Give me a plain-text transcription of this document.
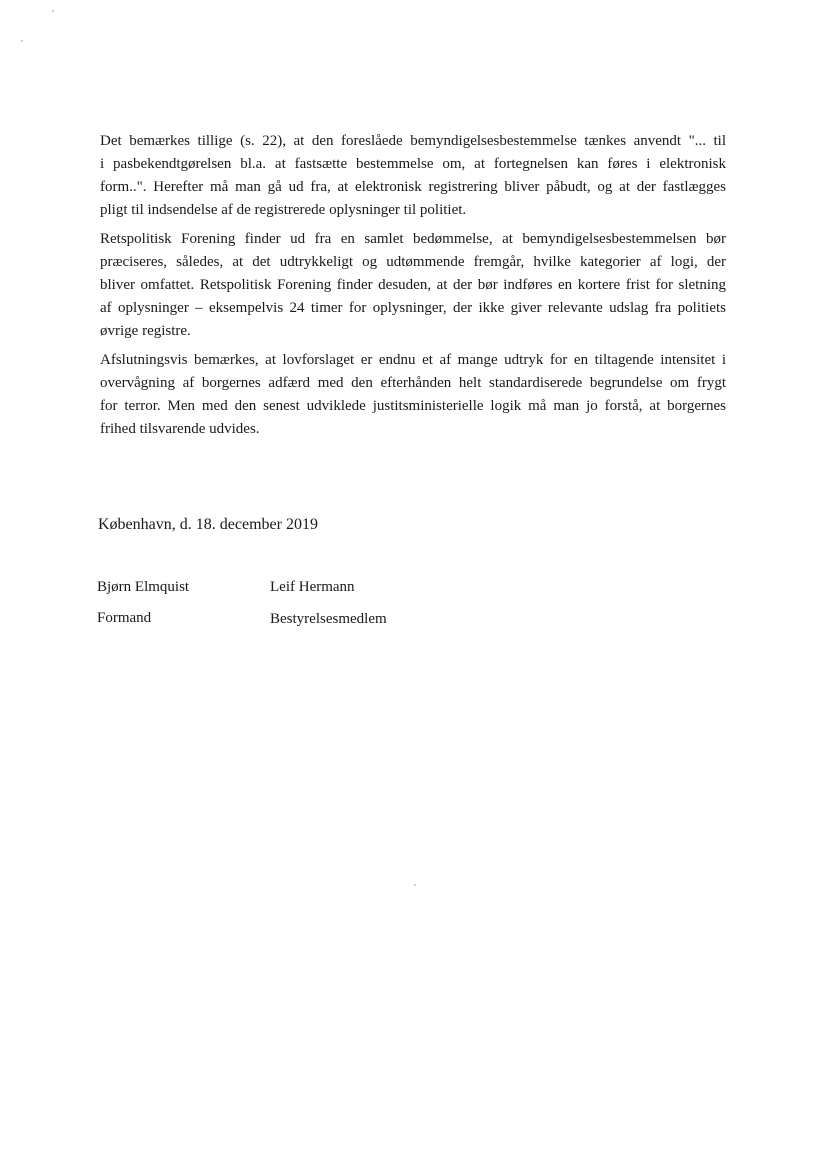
Det bemærkes tillige (s. 22), at den foreslåede bemyndigelsesbestemmelse tænkes anvendt "... til
i pasbekendtgørelsen bl.a. at fastsætte bestemmelse om, at fortegnelsen kan føres i elektronisk
form..". Herefter må man gå ud fra, at elektronisk registrering bliver påbudt, og at der fastlægges
pligt til indsendelse af de registrerede oplysninger til politiet.

Retspolitisk Forening finder ud fra en samlet bedømmelse, at bemyndigelsesbestemmelsen bør
præciseres, således, at det udtrykkeligt og udtømmende fremgår, hvilke kategorier af logi, der
bliver omfattet. Retspolitisk Forening finder desuden, at der bør indføres en kortere frist for sletning
af oplysninger – eksempelvis 24 timer for oplysninger, der ikke giver relevante udslag fra politiets
øvrige registre.

Afslutningsvis bemærkes, at lovforslaget er endnu et af mange udtryk for en tiltagende intensitet i
overvågning af borgernes adfærd med den efterhånden helt standardiserede begrundelse om frygt
for terror. Men med den senest udviklede justitsministerielle logik må man jo forstå, at borgernes
frihed tilsvarende udvides.

København, d. 18. december 2019

Bjørn Elmquist

Formand

Leif Hermann

Bestyrelsesmedlem
